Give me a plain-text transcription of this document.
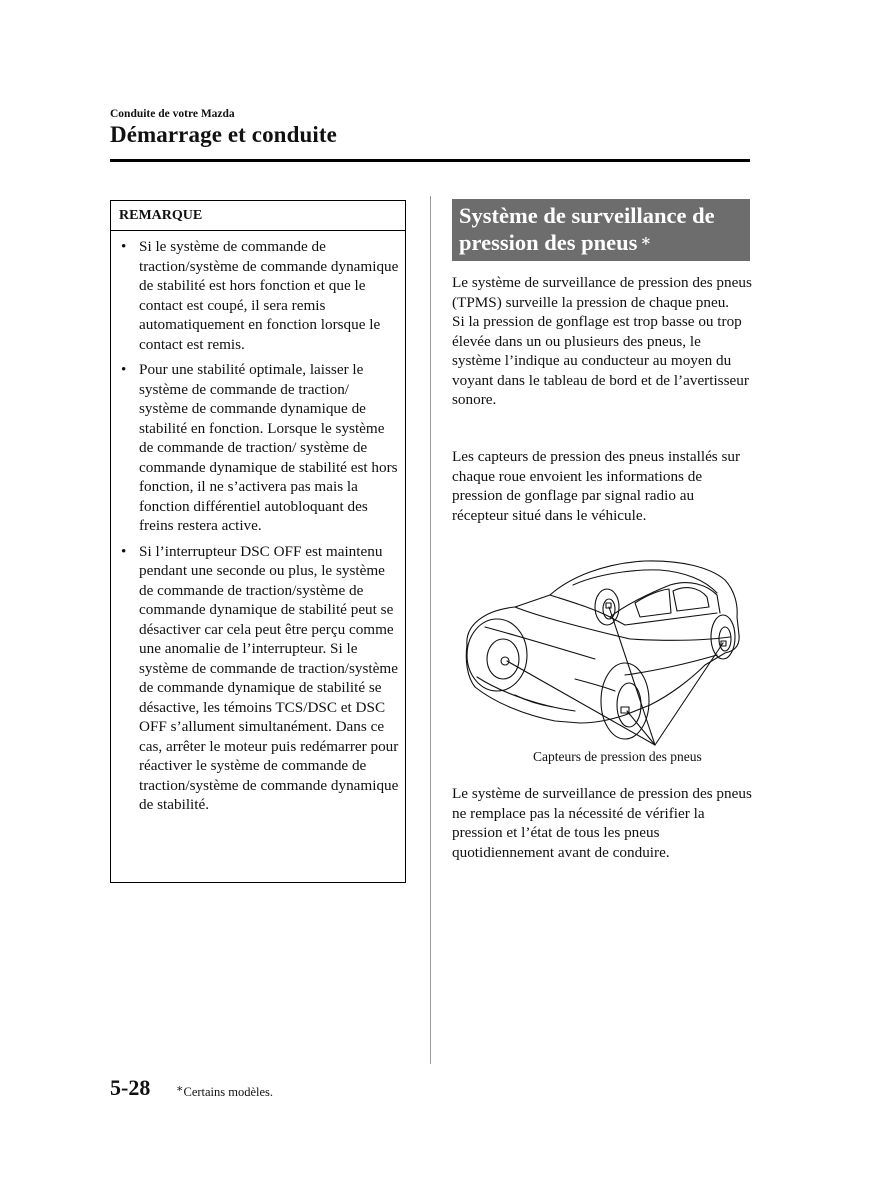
Conduite de votre Mazda
Démarrage et conduite
REMARQUE
• Si le système de commande de traction/système de commande dynamique de stabilité est hors fonction et que le contact est coupé, il sera remis automatiquement en fonction lorsque le contact est remis.
• Pour une stabilité optimale, laisser le système de commande de traction/ système de commande dynamique de stabilité en fonction. Lorsque le système de commande de traction/ système de commande dynamique de stabilité est hors fonction, il ne s’activera pas mais la fonction différentiel autobloquant des freins restera active.
• Si l’interrupteur DSC OFF est maintenu pendant une seconde ou plus, le système de commande de traction/système de commande dynamique de stabilité peut se désactiver car cela peut être perçu comme une anomalie de l’interrupteur. Si le système de commande de traction/système de commande dynamique de stabilité se désactive, les témoins TCS/DSC et DSC OFF s’allument simultanément. Dans ce cas, arrêter le moteur puis redémarrer pour réactiver le système de commande de traction/système de commande dynamique de stabilité.
Système de surveillance de
pression des pneus ∗

Le système de surveillance de pression des pneus (TPMS) surveille la pression de chaque pneu.
Si la pression de gonflage est trop basse ou trop élevée dans un ou plusieurs des pneus, le système l’indique au conducteur au moyen du voyant dans le tableau de bord et de l’avertisseur sonore.

Les capteurs de pression des pneus installés sur chaque roue envoient les informations de pression de gonflage par signal radio au récepteur situé dans le véhicule.

Capteurs de pression des pneus

Le système de surveillance de pression des pneus ne remplace pas la nécessité de vérifier la pression et l’état de tous les pneus quotidiennement avant de conduire.

5-28 ∗Certains modèles.
